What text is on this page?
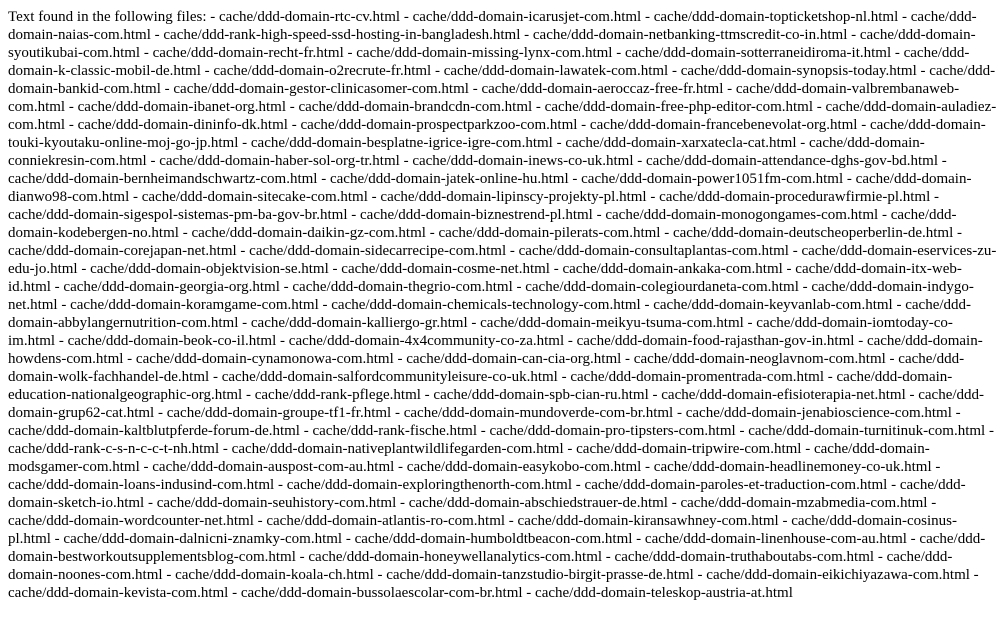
Text found in the following files: - cache/ddd-domain-rtc-cv.html - cache/ddd-domain-icarusjet-com.html - cache/ddd-domain-topticketshop-nl.html - cache/ddd-domain-naias-com.html - cache/ddd-rank-high-speed-ssd-hosting-in-bangladesh.html - cache/ddd-domain-netbanking-ttmscredit-co-in.html - cache/ddd-domain-syoutikubai-com.html - cache/ddd-domain-recht-fr.html - cache/ddd-domain-missing-lynx-com.html - cache/ddd-domain-sotterraneidiroma-it.html - cache/ddd-domain-k-classic-mobil-de.html - cache/ddd-domain-o2recrute-fr.html - cache/ddd-domain-lawatek-com.html - cache/ddd-domain-synopsis-today.html - cache/ddd-domain-bankid-com.html - cache/ddd-domain-gestor-clinicasomer-com.html - cache/ddd-domain-aeroccaz-free-fr.html - cache/ddd-domain-valbrembanaweb-com.html - cache/ddd-domain-ibanet-org.html - cache/ddd-domain-brandcdn-com.html - cache/ddd-domain-free-php-editor-com.html - cache/ddd-domain-auladiez-com.html - cache/ddd-domain-dininfo-dk.html - cache/ddd-domain-prospectparkzoo-com.html - cache/ddd-domain-francebenevolat-org.html - cache/ddd-domain-touki-kyoutaku-online-moj-go-jp.html - cache/ddd-domain-besplatne-igrice-igre-com.html - cache/ddd-domain-xarxatecla-cat.html - cache/ddd-domain-conniekresin-com.html - cache/ddd-domain-haber-sol-org-tr.html - cache/ddd-domain-inews-co-uk.html - cache/ddd-domain-attendance-dghs-gov-bd.html - cache/ddd-domain-bernheimandschwartz-com.html - cache/ddd-domain-jatek-online-hu.html - cache/ddd-domain-power1051fm-com.html - cache/ddd-domain-dianwo98-com.html - cache/ddd-domain-sitecake-com.html - cache/ddd-domain-lipinscy-projekty-pl.html - cache/ddd-domain-procedurawfirmie-pl.html - cache/ddd-domain-sigespol-sistemas-pm-ba-gov-br.html - cache/ddd-domain-biznestrend-pl.html - cache/ddd-domain-monogongames-com.html - cache/ddd-domain-kodebergen-no.html - cache/ddd-domain-daikin-gz-com.html - cache/ddd-domain-pilerats-com.html - cache/ddd-domain-deutscheoperberlin-de.html - cache/ddd-domain-corejapan-net.html - cache/ddd-domain-sidecarrecipe-com.html - cache/ddd-domain-consultaplantas-com.html - cache/ddd-domain-eservices-zu-edu-jo.html - cache/ddd-domain-objektvision-se.html - cache/ddd-domain-cosme-net.html - cache/ddd-domain-ankaka-com.html - cache/ddd-domain-itx-web-id.html - cache/ddd-domain-georgia-org.html - cache/ddd-domain-thegrio-com.html - cache/ddd-domain-colegiourdaneta-com.html - cache/ddd-domain-indygo-net.html - cache/ddd-domain-koramgame-com.html - cache/ddd-domain-chemicals-technology-com.html - cache/ddd-domain-keyvanlab-com.html - cache/ddd-domain-abbylangernutrition-com.html - cache/ddd-domain-kalliergo-gr.html - cache/ddd-domain-meikyu-tsuma-com.html - cache/ddd-domain-iomtoday-co-im.html - cache/ddd-domain-beok-co-il.html - cache/ddd-domain-4x4community-co-za.html - cache/ddd-domain-food-rajasthan-gov-in.html - cache/ddd-domain-howdens-com.html - cache/ddd-domain-cynamonowa-com.html - cache/ddd-domain-can-cia-org.html - cache/ddd-domain-neoglavnom-com.html - cache/ddd-domain-wolk-fachhandel-de.html - cache/ddd-domain-salfordcommunityleisure-co-uk.html - cache/ddd-domain-promentrada-com.html - cache/ddd-domain-education-nationalgeographic-org.html - cache/ddd-rank-pflege.html - cache/ddd-domain-spb-cian-ru.html - cache/ddd-domain-efisioterapia-net.html - cache/ddd-domain-grup62-cat.html - cache/ddd-domain-groupe-tf1-fr.html - cache/ddd-domain-mundoverde-com-br.html - cache/ddd-domain-jenabioscience-com.html - cache/ddd-domain-kaltblutpferde-forum-de.html - cache/ddd-rank-fische.html - cache/ddd-domain-pro-tipsters-com.html - cache/ddd-domain-turnitinuk-com.html - cache/ddd-rank-c-s-n-c-c-t-nh.html - cache/ddd-domain-nativeplantwildlifegarden-com.html - cache/ddd-domain-tripwire-com.html - cache/ddd-domain-modsgamer-com.html - cache/ddd-domain-auspost-com-au.html - cache/ddd-domain-easykobo-com.html - cache/ddd-domain-headlinemoney-co-uk.html - cache/ddd-domain-loans-indusind-com.html - cache/ddd-domain-exploringthenorth-com.html - cache/ddd-domain-paroles-et-traduction-com.html - cache/ddd-domain-sketch-io.html - cache/ddd-domain-seuhistory-com.html - cache/ddd-domain-abschiedstrauer-de.html - cache/ddd-domain-mzabmedia-com.html - cache/ddd-domain-wordcounter-net.html - cache/ddd-domain-atlantis-ro-com.html - cache/ddd-domain-kiransawhney-com.html - cache/ddd-domain-cosinus-pl.html - cache/ddd-domain-dalnicni-znamky-com.html - cache/ddd-domain-humboldtbeacon-com.html - cache/ddd-domain-linenhouse-com-au.html - cache/ddd-domain-bestworkoutsupplementsblog-com.html - cache/ddd-domain-honeywellanalytics-com.html - cache/ddd-domain-truthaboutabs-com.html - cache/ddd-domain-noones-com.html - cache/ddd-domain-koala-ch.html - cache/ddd-domain-tanzstudio-birgit-prasse-de.html - cache/ddd-domain-eikichiyazawa-com.html - cache/ddd-domain-kevista-com.html - cache/ddd-domain-bussolaescolar-com-br.html - cache/ddd-domain-teleskop-austria-at.html
